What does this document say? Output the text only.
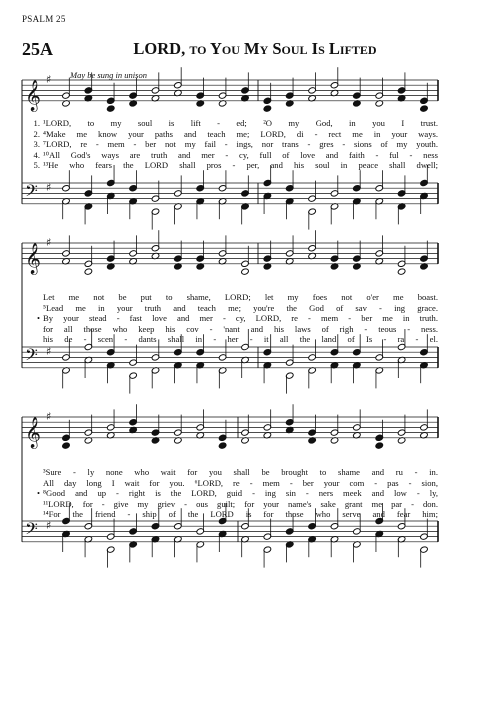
PSALM 25
25A	LORD, to You My Soul Is Lifted
May be sung in unison
𝄞
♯
𝄢 ♯
𝄞
♯
𝄢 ♯
𝄞
♯
𝄢 ♯
1. ¹LORD, to my soul is lift - ed; ²O my God, in you I trust.
2. ⁴Make me know your paths and teach me; LORD, di - rect me in your ways.
3. ⁷LORD, re - mem - ber not my fail - ings, nor trans - gres - sions of my youth.
4. ¹⁰All God's ways are truth and mer - cy, full of love and faith - ful - ness
5. ¹³He who fears the LORD shall pros - per, and his soul in peace shall dwell;
Let me not be put to shame, LORD; let my foes not o'er me boast.
⁵Lead me in your truth and teach me; you're the God of sav - ing grace.
• By your stead - fast love and mer - cy, LORD, re - mem - ber me in truth.
for all those who keep his cov - 'nant and his laws of righ - teous - ness.
his de - scen - dants shall in - her - it all the land of Is - ra - el.
³Sure - ly none who wait for you shall be brought to shame and ru - in.
All day long I wait for you. ⁶LORD, re - mem - ber your com - pas - sion,
• ⁸Good and up - right is the LORD, guid - ing sin - ners meek and low - ly,
¹¹LORD, for - give my griev - ous guilt; for your name's sake grant me par - don.
¹⁴For the friend - ship of the LORD is for those who serve and fear him;
